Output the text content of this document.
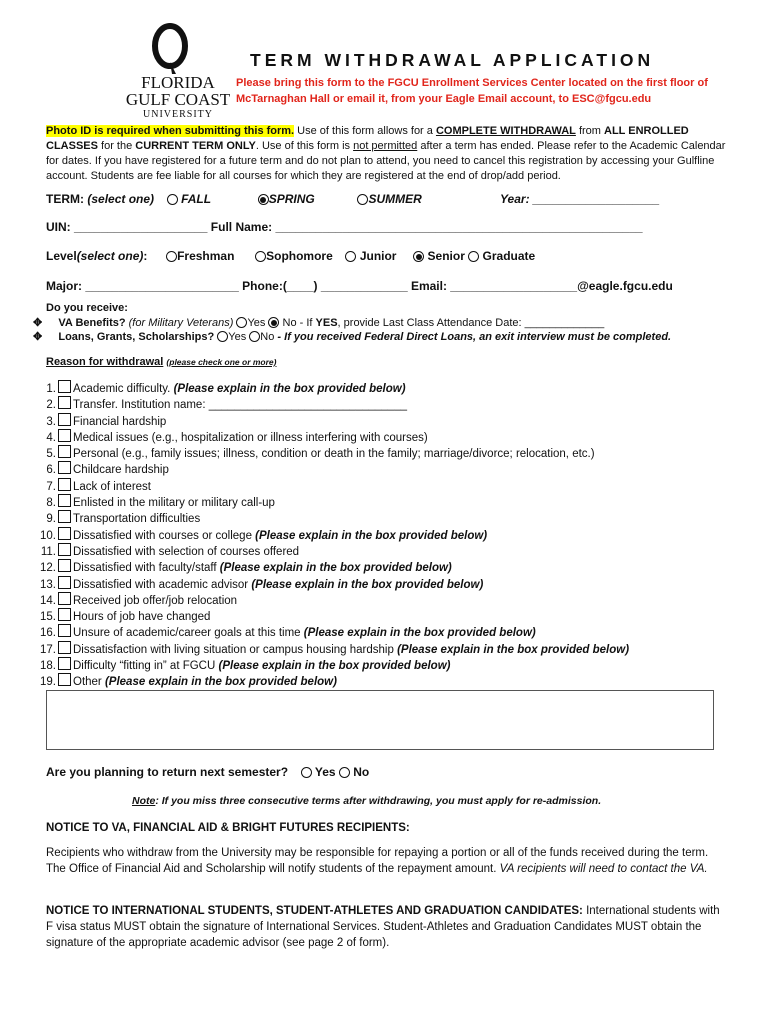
FLORIDA
GULF COAST
UNIVERSITY
TERM WITHDRAWAL APPLICATION
Please bring this form to the FGCU Enrollment Services Center located on the first floor of
McTarnaghan Hall or email it, from your Eagle Email account, to ESC@fgcu.edu
Photo ID is required when submitting this form. Use of this form allows for a COMPLETE WITHDRAWAL from ALL ENROLLED CLASSES for the CURRENT TERM ONLY. Use of this form is not permitted after a term has ended. Please refer to the Academic Calendar for dates. If you have registered for a future term and do not plan to attend, you need to cancel this registration by accessing your Gulfline account. Students are fee liable for all courses for which they are registered at the end of drop/add period.
TERM: (select one) FALL	SPRING	SUMMER	Year: ___________________
UIN: ____________________ Full Name: _______________________________________________________
Level(select one): Freshman	Sophomore Junior	Senior Graduate
Major: _______________________ Phone:(____) _____________ Email: ___________________@eagle.fgcu.edu
Do you receive:
✥ VA Benefits? (for Military Veterans) Yes No - If YES, provide Last Class Attendance Date: _____________
✥ Loans, Grants, Scholarships? Yes No - If you received Federal Direct Loans, an exit interview must be completed.
Reason for withdrawal (please check one or more)
1. Academic difficulty. (Please explain in the box provided below)
2. Transfer. Institution name: _______________________________
3. Financial hardship
4. Medical issues (e.g., hospitalization or illness interfering with courses)
5. Personal (e.g., family issues; illness, condition or death in the family; marriage/divorce; relocation, etc.)
6. Childcare hardship
7. Lack of interest
8. Enlisted in the military or military call-up
9. Transportation difficulties
10. Dissatisfied with courses or college (Please explain in the box provided below)
11. Dissatisfied with selection of courses offered
12. Dissatisfied with faculty/staff (Please explain in the box provided below)
13. Dissatisfied with academic advisor (Please explain in the box provided below)
14. Received job offer/job relocation
15. Hours of job have changed
16. Unsure of academic/career goals at this time (Please explain in the box provided below)
17. Dissatisfaction with living situation or campus housing hardship (Please explain in the box provided below)
18. Difficulty “fitting in” at FGCU (Please explain in the box provided below)
19. Other (Please explain in the box provided below)
Are you planning to return next semester? Yes No
Note: If you miss three consecutive terms after withdrawing, you must apply for re-admission.
NOTICE TO VA, FINANCIAL AID & BRIGHT FUTURES RECIPIENTS:
Recipients who withdraw from the University may be responsible for repaying a portion or all of the funds received during the term. The Office of Financial Aid and Scholarship will notify students of the repayment amount. VA recipients will need to contact the VA.
NOTICE TO INTERNATIONAL STUDENTS, STUDENT-ATHLETES AND GRADUATION CANDIDATES: International students with F visa status MUST obtain the signature of International Services. Student-Athletes and Graduation Candidates MUST obtain the signature of the appropriate academic advisor (see page 2 of form).
